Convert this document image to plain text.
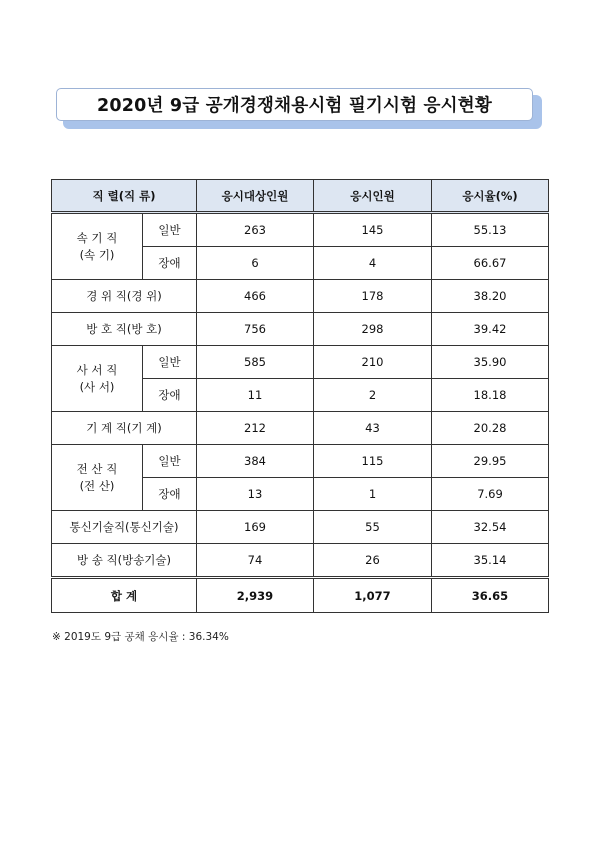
2020년 9급 공개경쟁채용시험 필기시험 응시현황
직 렬(직 류)		응시대상인원	응시인원	응시율(%)

속 기 직
(속 기)	일반	263	145	55.13
	장애	6	4	66.67
경 위 직(경 위)		466	178	38.20
방 호 직(방 호)		756	298	39.42

사 서 직
(사 서)	일반	585	210	35.90
	장애	11	2	18.18
기 계 직(기 계)		212	43	20.28

전 산 직
(전 산)	일반	384	115	29.95
	장애	13	1	7.69
통신기술직(통신기술)		169	55	32.54
방 송 직(방송기술)		74	26	35.14
합 계		2,939	1,077	36.65
※ 2019도 9급 공채 응시율 : 36.34%
